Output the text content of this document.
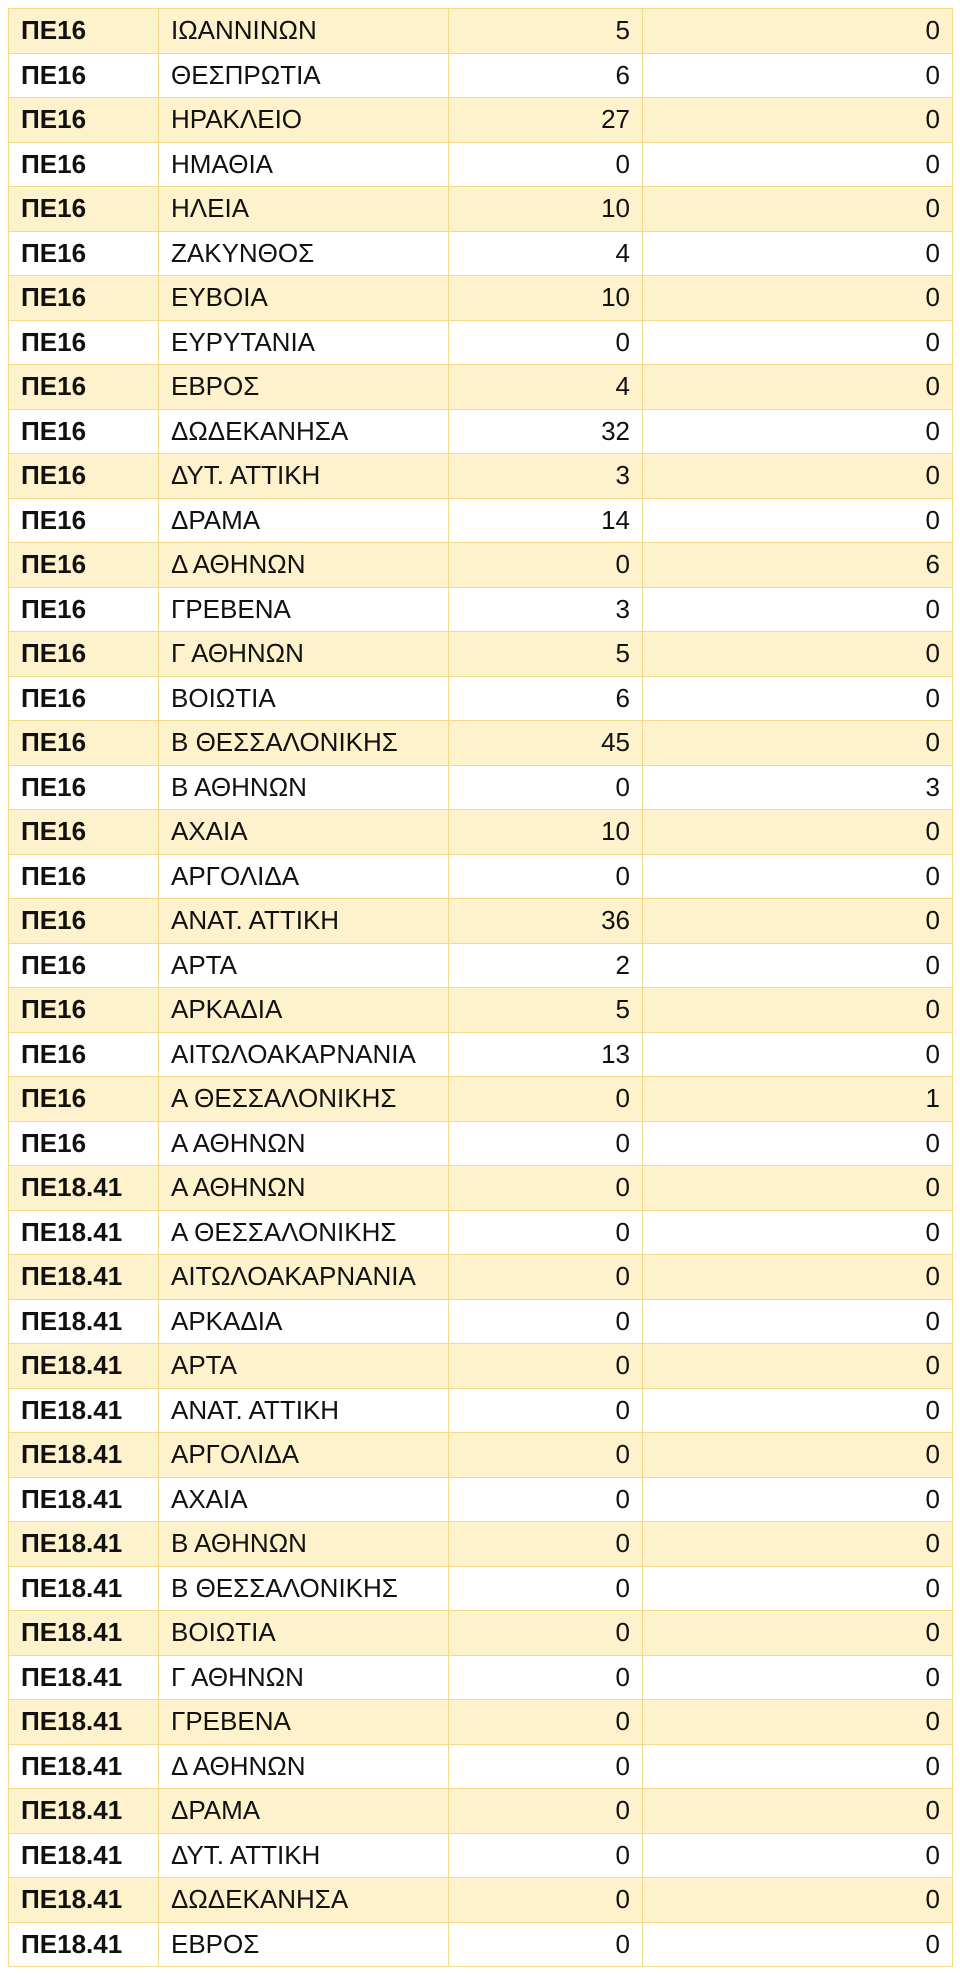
ΠΕ16	ΙΩΑΝΝΙΝΩΝ	5	0
ΠΕ16	ΘΕΣΠΡΩΤΙΑ	6	0
ΠΕ16	ΗΡΑΚΛΕΙΟ	27	0
ΠΕ16	ΗΜΑΘΙΑ	0	0
ΠΕ16	ΗΛΕΙΑ	10	0
ΠΕ16	ΖΑΚΥΝΘΟΣ	4	0
ΠΕ16	ΕΥΒΟΙΑ	10	0
ΠΕ16	ΕΥΡΥΤΑΝΙΑ	0	0
ΠΕ16	ΕΒΡΟΣ	4	0
ΠΕ16	ΔΩΔΕΚΑΝΗΣΑ	32	0
ΠΕ16	ΔΥΤ. ΑΤΤΙΚΗ	3	0
ΠΕ16	ΔΡΑΜΑ	14	0
ΠΕ16	Δ ΑΘΗΝΩΝ	0	6
ΠΕ16	ΓΡΕΒΕΝΑ	3	0
ΠΕ16	Γ ΑΘΗΝΩΝ	5	0
ΠΕ16	ΒΟΙΩΤΙΑ	6	0
ΠΕ16	Β ΘΕΣΣΑΛΟΝΙΚΗΣ	45	0
ΠΕ16	Β ΑΘΗΝΩΝ	0	3
ΠΕ16	ΑΧΑΙΑ	10	0
ΠΕ16	ΑΡΓΟΛΙΔΑ	0	0
ΠΕ16	ΑΝΑΤ. ΑΤΤΙΚΗ	36	0
ΠΕ16	ΑΡΤΑ	2	0
ΠΕ16	ΑΡΚΑΔΙΑ	5	0
ΠΕ16	ΑΙΤΩΛΟΑΚΑΡΝΑΝΙΑ	13	0
ΠΕ16	Α ΘΕΣΣΑΛΟΝΙΚΗΣ	0	1
ΠΕ16	Α ΑΘΗΝΩΝ	0	0
ΠΕ18.41	Α ΑΘΗΝΩΝ	0	0
ΠΕ18.41	Α ΘΕΣΣΑΛΟΝΙΚΗΣ	0	0
ΠΕ18.41	ΑΙΤΩΛΟΑΚΑΡΝΑΝΙΑ	0	0
ΠΕ18.41	ΑΡΚΑΔΙΑ	0	0
ΠΕ18.41	ΑΡΤΑ	0	0
ΠΕ18.41	ΑΝΑΤ. ΑΤΤΙΚΗ	0	0
ΠΕ18.41	ΑΡΓΟΛΙΔΑ	0	0
ΠΕ18.41	ΑΧΑΙΑ	0	0
ΠΕ18.41	Β ΑΘΗΝΩΝ	0	0
ΠΕ18.41	Β ΘΕΣΣΑΛΟΝΙΚΗΣ	0	0
ΠΕ18.41	ΒΟΙΩΤΙΑ	0	0
ΠΕ18.41	Γ ΑΘΗΝΩΝ	0	0
ΠΕ18.41	ΓΡΕΒΕΝΑ	0	0
ΠΕ18.41	Δ ΑΘΗΝΩΝ	0	0
ΠΕ18.41	ΔΡΑΜΑ	0	0
ΠΕ18.41	ΔΥΤ. ΑΤΤΙΚΗ	0	0
ΠΕ18.41	ΔΩΔΕΚΑΝΗΣΑ	0	0
ΠΕ18.41	ΕΒΡΟΣ	0	0
